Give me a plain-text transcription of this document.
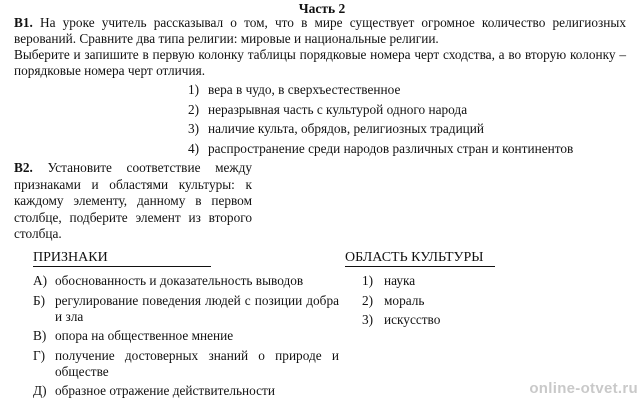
Часть 2
B1. На уроке учитель рассказывал о том, что в мире существует огромное количество религиозных верований. Сравните два типа религии: мировые и национальные религии.
Выберите и запишите в первую колонку таблицы порядковые номера черт сходства, а во вторую колонку – порядковые номера черт отличия.
1) вера в чудо, в сверхъестественное
2) неразрывная часть с культурой одного народа
3) наличие культа, обрядов, религиозных традиций
4) распространение среди народов различных стран и континентов
B2. Установите соответствие между признаками и областями культуры: к каждому элементу, данному в первом столбце, подберите элемент из второго столбца.
ПРИЗНАКИ	ОБЛАСТЬ КУЛЬТУРЫ
А) обоснованность и доказательность выводов
Б) регулирование поведения людей с позиции добра и зла
В) опора на общественное мнение
Г) получение достоверных знаний о природе и обществе
Д) образное отражение действительности
1) наука
2) мораль
3) искусство
online-otvet.ru
